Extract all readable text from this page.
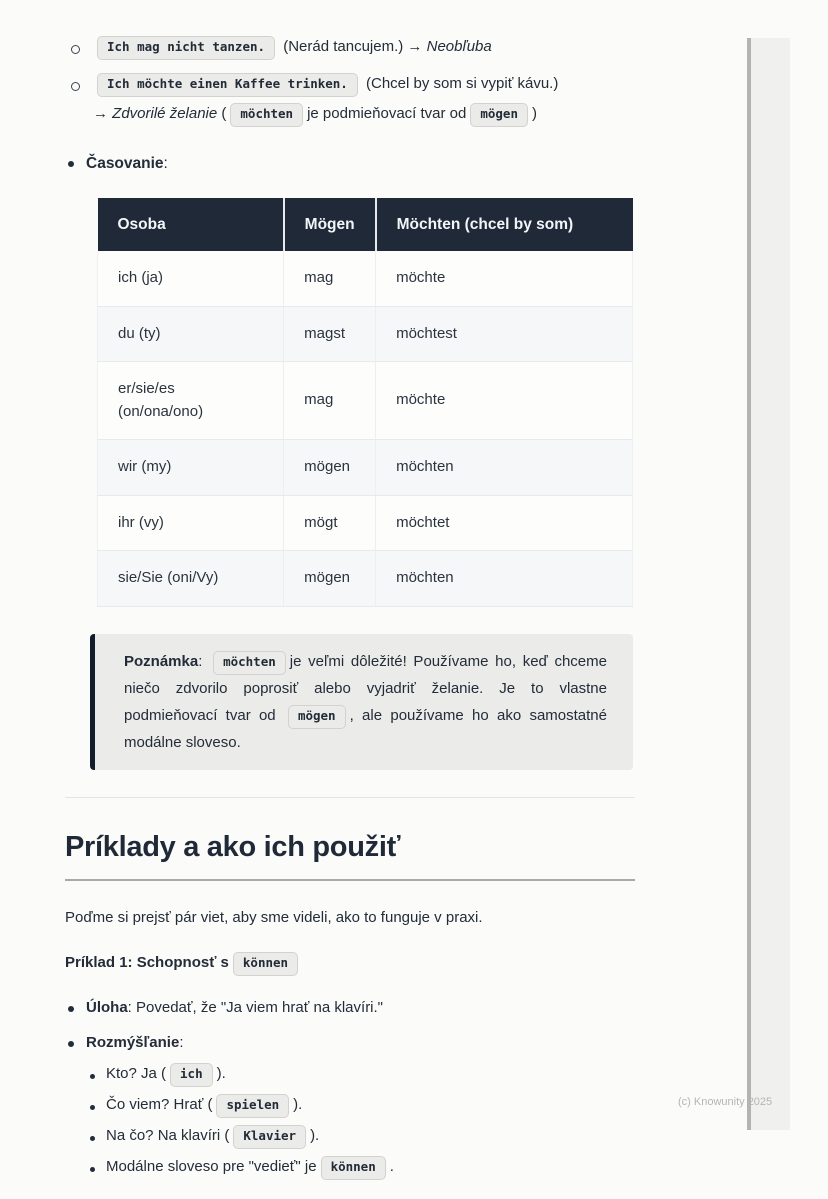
Ich mag nicht tanzen. (Nerád tancujem.) → Neobľuba
Ich möchte einen Kaffee trinken. (Chcel by som si vypiť kávu.)
→ Zdvorilé želanie ( möchten je podmieňovací tvar od mögen )
Časovanie:
Osoba	Mögen	Möchten (chcel by som)
ich (ja)	mag	möchte
du (ty)	magst	möchtest
er/sie/es (on/ona/ono)	mag	möchte
wir (my)	mögen	möchten
ihr (vy)	mögt	möchtet
sie/Sie (oni/Vy)	mögen	möchten
Poznámka: möchten je veľmi dôležité! Používame ho, keď chceme niečo zdvorilo poprosiť alebo vyjadriť želanie. Je to vlastne podmieňovací tvar od mögen , ale používame ho ako samostatné modálne sloveso.
Príklady a ako ich použiť

Poďme si prejsť pár viet, aby sme videli, ako to funguje v praxi.

Príklad 1: Schopnosť s können

Úloha: Povedať, že "Ja viem hrať na klavíri."
Rozmýšľanie:
Kto? Ja ( ich ).
Čo viem? Hrať ( spielen ).
Na čo? Na klavíri ( Klavier ).
Modálne sloveso pre "vedieť" je können .
(c) Knowunity 2025
